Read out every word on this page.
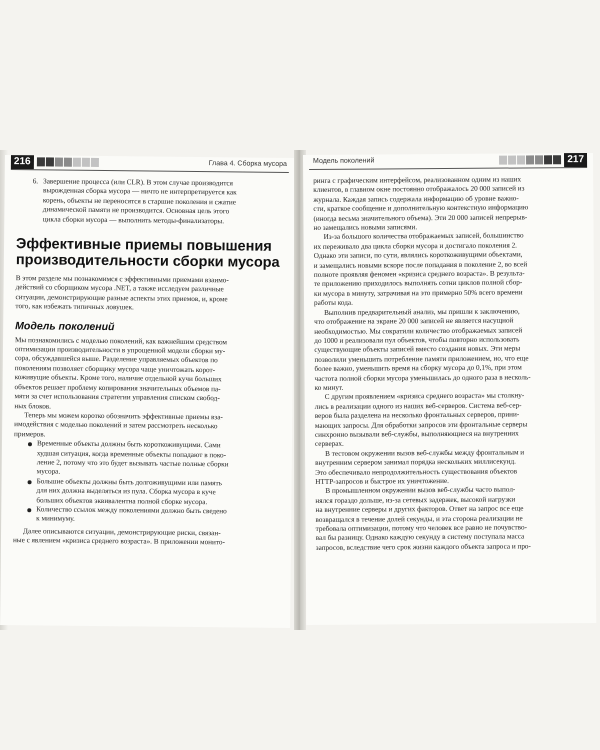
216	Глава 4. Сборка мусора
6. Завершение процесса (или CLR). В этом случае производится
вырожденная сборка мусора — ничто не интерпретируется как
корень, объекты не переносятся в старшие поколения и сжатие
динамической памяти не производится. Основная цель этого
цикла сборки мусора — выполнить методы-финализаторы.
Эффективные приемы повышения производительности сборки мусора

В этом разделе мы познакомимся с эффективными приемами взаимо-
действий со сборщиком мусора .NET, а также исследуем различные
ситуации, демонстрирующие разные аспекты этих приемов, и, кроме
того, как избежать типичных ловушек.

Модель поколений

Мы познакомились с моделью поколений, как важнейшим средством
оптимизации производительности в упрощенной модели сборки му-
сора, обсуждавшейся выше. Разделение управляемых объектов по
поколениям позволяет сборщику мусора чаще уничтожать корот-
коживущие объекты. Кроме того, наличие отдельной кучи больших
объектов решает проблему копирования значительных объемов па-
мяти за счет использования стратегии управления списком свобод-
ных блоков.

Теперь мы можем коротко обозначить эффективные приемы вза-
имодействия с моделью поколений и затем рассмотреть несколько
примеров.

Временные объекты должны быть короткоживущими. Сами
худшая ситуация, когда временные объекты попадают в поко-
ление 2, потому что это будет вызывать частые полные сборки
мусора.
Большие объекты должны быть долгоживущими или память
для них должна выделяться из пула. Сборка мусора в куче
больших объектов эквивалентна полной сборке мусора.
Количество ссылок между поколениями должно быть сведено
к минимуму.

Далее описываются ситуации, демонстрирующие риски, связан-
ные с явлением «кризиса среднего возраста». В приложении монито-

Модель поколений	217

ринга с графическим интерфейсом, реализованном одним из наших
клиентов, в главном окне постоянно отображалось 20 000 записей из
журнала. Каждая запись содержала информацию об уровне важно-
сти, краткое сообщение и дополнительную контекстную информацию
(иногда весьма значительного объема). Эти 20 000 записей непрерыв-
но замещались новыми записями.

Из-за большого количества отображаемых записей, большинство
их переживало два цикла сборки мусора и достигало поколения 2.
Однако эти записи, по сути, являлись короткоживущими объектами,
и замещались новыми вскоре после попадания в поколение 2, во всей
полноте проявляя феномен «кризиса среднего возраста». В результа-
те приложению приходилось выполнять сотни циклов полной сбор-
ки мусора в минуту, затрачивая на это примерно 50% всего времени
работы кода.

Выполнив предварительный анализ, мы пришли к заключению,
что отображение на экране 20 000 записей не является насущной
необходимостью. Мы сократили количество отображаемых записей
до 1000 и реализовали пул объектов, чтобы повторно использовать
существующие объекты записей вместо создания новых. Эти меры
позволили уменьшить потребление памяти приложением, но, что еще
более важно, уменьшить время на сборку мусора до 0,1%, при этом
частота полной сборки мусора уменьшилась до одного раза в несколь-
ко минут.

С другим проявлением «кризиса среднего возраста» мы столкну-
лись в реализации одного из наших веб-серверов. Система веб-сер-
веров была разделена на несколько фронтальных серверов, прини-
мающих запросы. Для обработки запросов эти фронтальные серверы
синхронно вызывали веб-службы, выполняющиеся на внутренних
серверах.

В тестовом окружении вызов веб-службы между фронтальным и
внутренним сервером занимал порядка нескольких миллисекунд.
Это обеспечивало непродолжительность существования объектов
HTTP-запросов и быстрое их уничтожение.

В промышленном окружении вызов веб-службы часто выпол-
нялся гораздо дольше, из-за сетевых задержек, высокой нагрузки
на внутренние серверы и других факторов. Ответ на запрос все еще
возвращался в течение долей секунды, и эта сторона реализации не
требовала оптимизации, потому что человек все равно не почувство-
вал бы разницу. Однако каждую секунду в систему поступала масса
запросов, вследствие чего срок жизни каждого объекта запроса и про-
